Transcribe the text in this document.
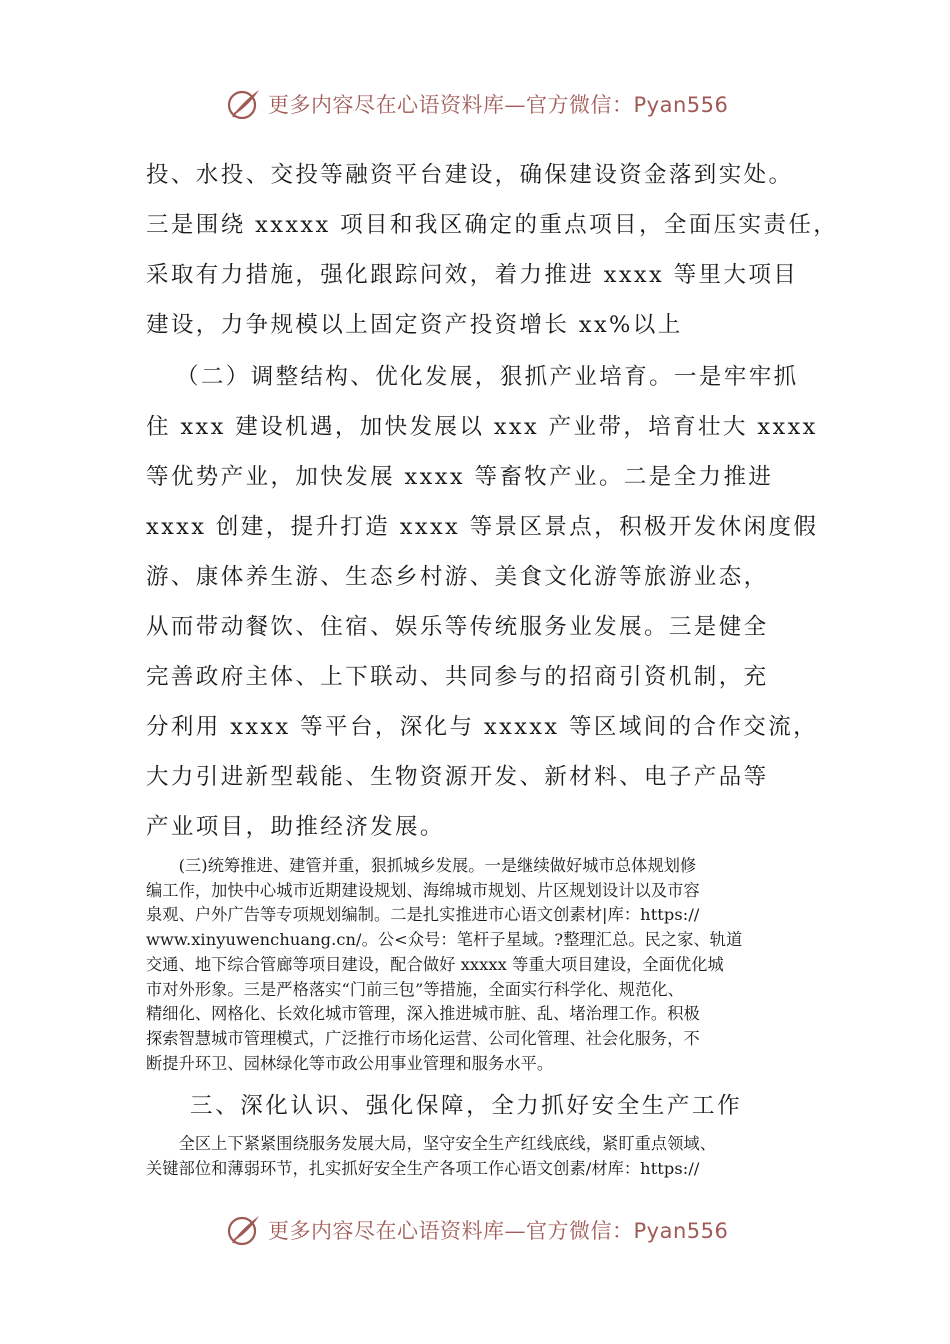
更多内容尽在心语资料库—官方微信：Pyan556
投、水投、交投等融资平台建设，确保建设资金落到实处。
三是围绕 xxxxx 项目和我区确定的重点项目，全面压实责任，
采取有力措施，强化跟踪问效，着力推进 xxxx 等里大项目
建设，力争规模以上固定资产投资增长 xx%以上
（二）调整结构、优化发展，狠抓产业培育。一是牢牢抓
住 xxx 建设机遇，加快发展以 xxx 产业带，培育壮大 xxxx
等优势产业，加快发展 xxxx 等畜牧产业。二是全力推进
xxxx 创建，提升打造 xxxx 等景区景点，积极开发休闲度假
游、康体养生游、生态乡村游、美食文化游等旅游业态，
从而带动餐饮、住宿、娱乐等传统服务业发展。三是健全
完善政府主体、上下联动、共同参与的招商引资机制，充
分利用 xxxx 等平台，深化与 xxxxx 等区域间的合作交流，
大力引进新型载能、生物资源开发、新材料、电子产品等
产业项目，助推经济发展。
　　(三)统筹推进、建管并重，狠抓城乡发展。一是继续做好城市总体规划修
编工作，加快中心城市近期建设规划、海绵城市规划、片区规划设计以及市容
泉观、户外广告等专项规划编制。二是扎实推进市心语文创素材|库：https://
www.xinyuwenchuang.cn/。公<众号：笔杆子星域。?整理汇总。民之家、轨道
交通、地下综合管廊等项目建设，配合做好 xxxxx 等重大项目建设，全面优化城
市对外形象。三是严格落实“门前三包”等措施，全面实行科学化、规范化、
精细化、网格化、长效化城市管理，深入推进城市脏、乱、堵治理工作。积极
探索智慧城市管理模式，广泛推行市场化运营、公司化管理、社会化服务，不
断提升环卫、园林绿化等市政公用事业管理和服务水平。
三、深化认识、强化保障，全力抓好安全生产工作
　　全区上下紧紧围绕服务发展大局，坚守安全生产红线底线，紧盯重点领域、
关键部位和薄弱环节，扎实抓好安全生产各项工作心语文创素/材库：https://
更多内容尽在心语资料库—官方微信：Pyan556
